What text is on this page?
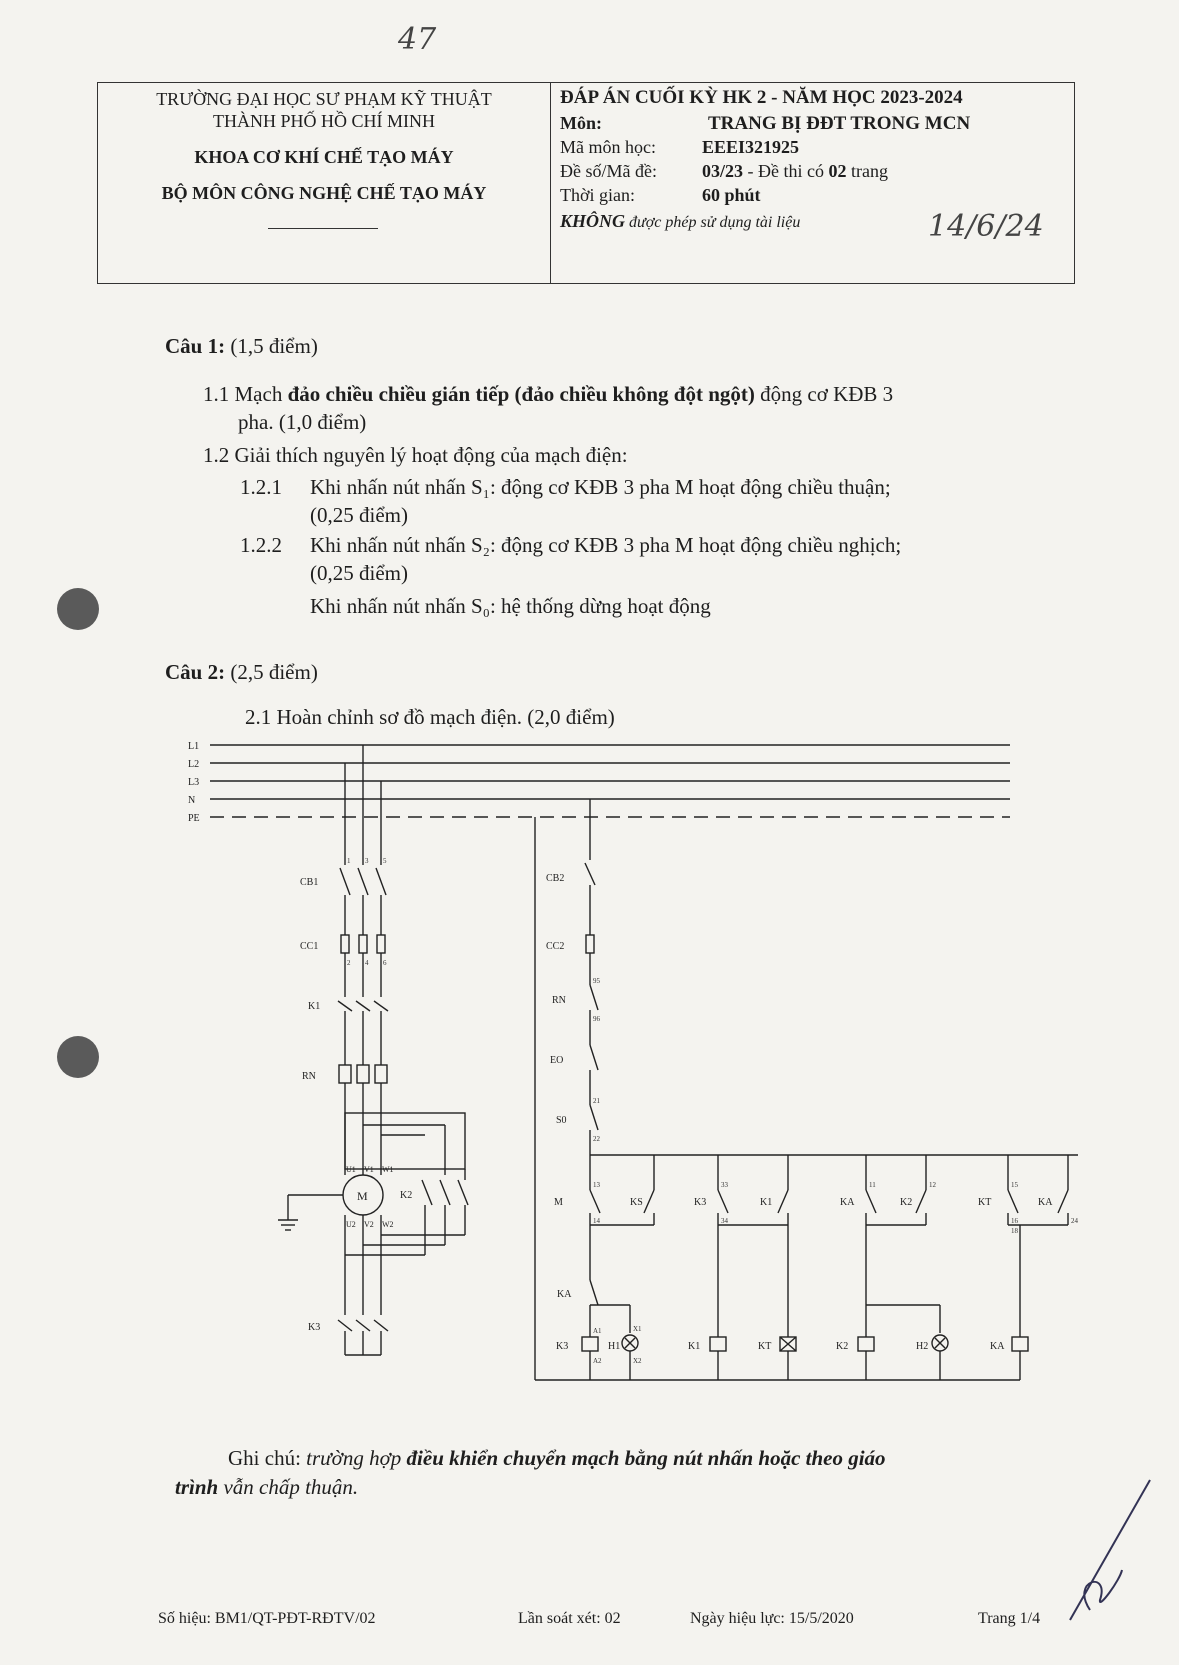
47
TRƯỜNG ĐẠI HỌC SƯ PHẠM KỸ THUẬT
THÀNH PHỐ HỒ CHÍ MINH
KHOA CƠ KHÍ CHẾ TẠO MÁY
BỘ MÔN CÔNG NGHỆ CHẾ TẠO MÁY
ĐÁP ÁN CUỐI KỲ HK 2 - NĂM HỌC 2023-2024
Môn:	TRANG BỊ ĐĐT TRONG MCN
Mã môn học:	EEEI321925
Đề số/Mã đề:	03/23 - Đề thi có 02 trang
Thời gian:	60 phút
KHÔNG được phép sử dụng tài liệu	14/6/24
Câu 1: (1,5 điểm)
1.1 Mạch đảo chiều chiều gián tiếp (đảo chiều không đột ngột) động cơ KĐB 3
pha. (1,0 điểm)
1.2 Giải thích nguyên lý hoạt động của mạch điện:
1.2.1 Khi nhấn nút nhấn S₁: động cơ KĐB 3 pha M hoạt động chiều thuận;
(0,25 điểm)
1.2.2 Khi nhấn nút nhấn S₂: động cơ KĐB 3 pha M hoạt động chiều nghịch;
(0,25 điểm)
Khi nhấn nút nhấn S₀: hệ thống dừng hoạt động
Câu 2: (2,5 điểm)
2.1 Hoàn chỉnh sơ đồ mạch điện. (2,0 điểm)
L1
L2
L3
N
PE
CB1
CC1
K1
RN
M	K2
K3
U1 V1 W1
U2 V2 W2
CB2
CC2
RN
EO
S0
M	KS	K3	K1	KA	K2	KT	KA
KA
K3	H1	K1	KT	K2	H2	KA
1
2
3
4
5
6
95
96
21
22
13
14
33
34
A1
A2
X1
X2
15
16
18
24
11	12
Ghi chú: trường hợp điều khiển chuyển mạch bằng nút nhấn hoặc theo giáo
trình vẫn chấp thuận.
Số hiệu: BM1/QT-PĐT-RĐTV/02	Lần soát xét: 02	Ngày hiệu lực: 15/5/2020	Trang 1/4
